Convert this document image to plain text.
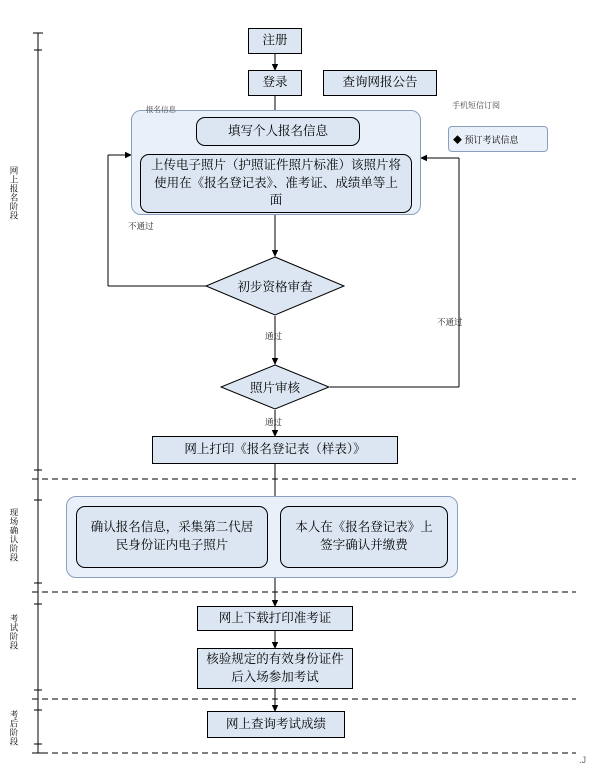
网上报名阶段
现场确认阶段
考试阶段
考后阶段
注册
登录	查询网报公告
手机短信订阅
◆ 预订考试信息
报名信息
填写个人报名信息
上传电子照片（护照证件照片标准）该照片将使用在《报名登记表》、准考证、成绩单等上面
初步资格审查
照片审核
不通过
通过
不通过
通过
网上打印《报名登记表（样表）》
确认报名信息，采集第二代居民身份证内电子照片
本人在《报名登记表》上签字确认并缴费
网上下载打印准考证
核验规定的有效身份证件后入场参加考试
网上查询考试成绩
.J
